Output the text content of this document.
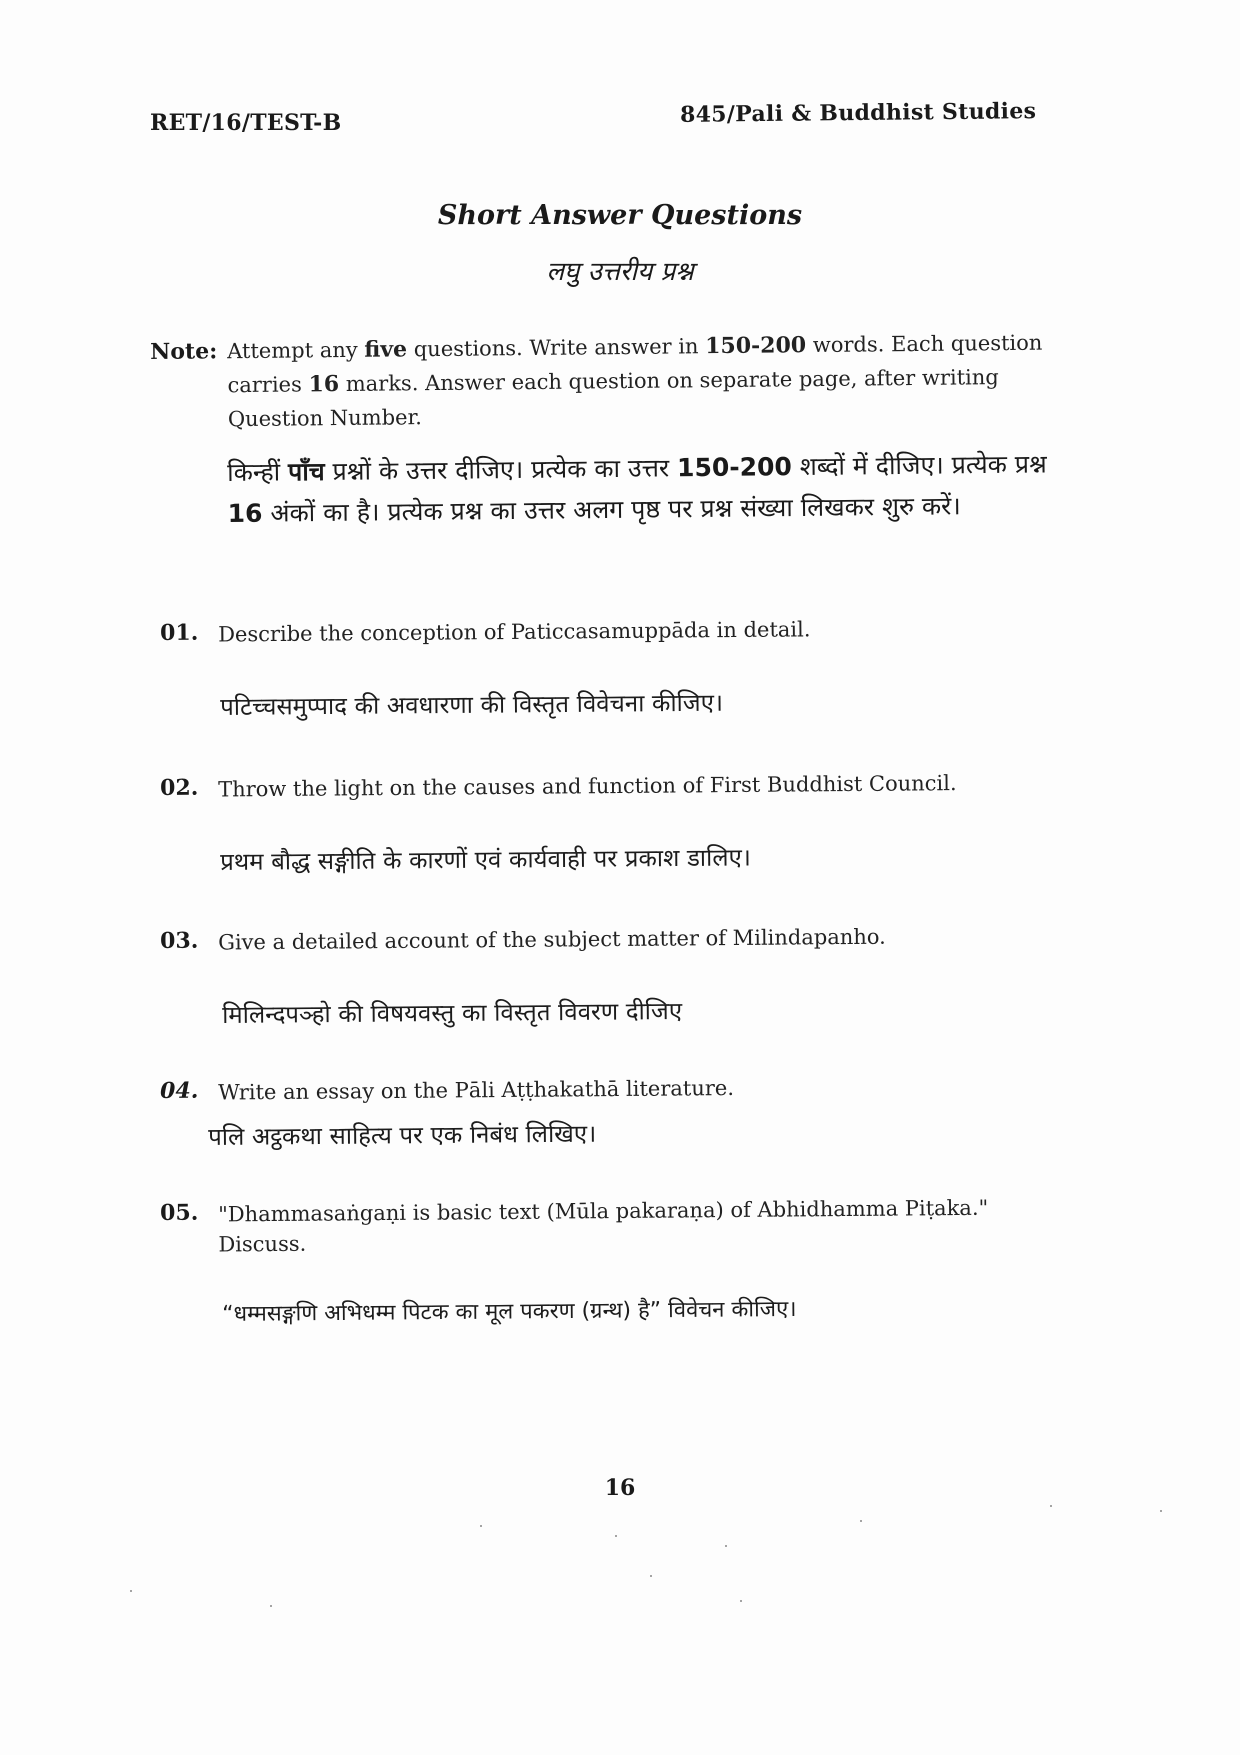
RET/16/TEST-B	845/Pali & Buddhist Studies
Short Answer Questions
लघु उत्तरीय प्रश्न
Note: Attempt any five questions. Write answer in 150-200 words. Each question carries 16 marks. Answer each question on separate page, after writing Question Number.
किन्हीं पाँच प्रश्नों के उत्तर दीजिए। प्रत्येक का उत्तर 150-200 शब्दों में दीजिए। प्रत्येक प्रश्न 16 अंकों का है। प्रत्येक प्रश्न का उत्तर अलग पृष्ठ पर प्रश्न संख्या लिखकर शुरु करें।
01. Describe the conception of Paticcasamuppāda in detail.
पटिच्चसमुप्पाद की अवधारणा की विस्तृत विवेचना कीजिए।
02. Throw the light on the causes and function of First Buddhist Council.
प्रथम बौद्ध सङ्गीति के कारणों एवं कार्यवाही पर प्रकाश डालिए।
03. Give a detailed account of the subject matter of Milindapanho.
मिलिन्दपञ्हो की विषयवस्तु का विस्तृत विवरण दीजिए
04. Write an essay on the Pāli Aṭṭhakathā literature.
पलि अट्ठकथा साहित्य पर एक निबंध लिखिए।
05. "Dhammasaṅgaṇi is basic text (Mūla pakaraṇa) of Abhidhamma Piṭaka." Discuss.
“धम्मसङ्गणि अभिधम्म पिटक का मूल पकरण (ग्रन्थ) है” विवेचन कीजिए।
16
